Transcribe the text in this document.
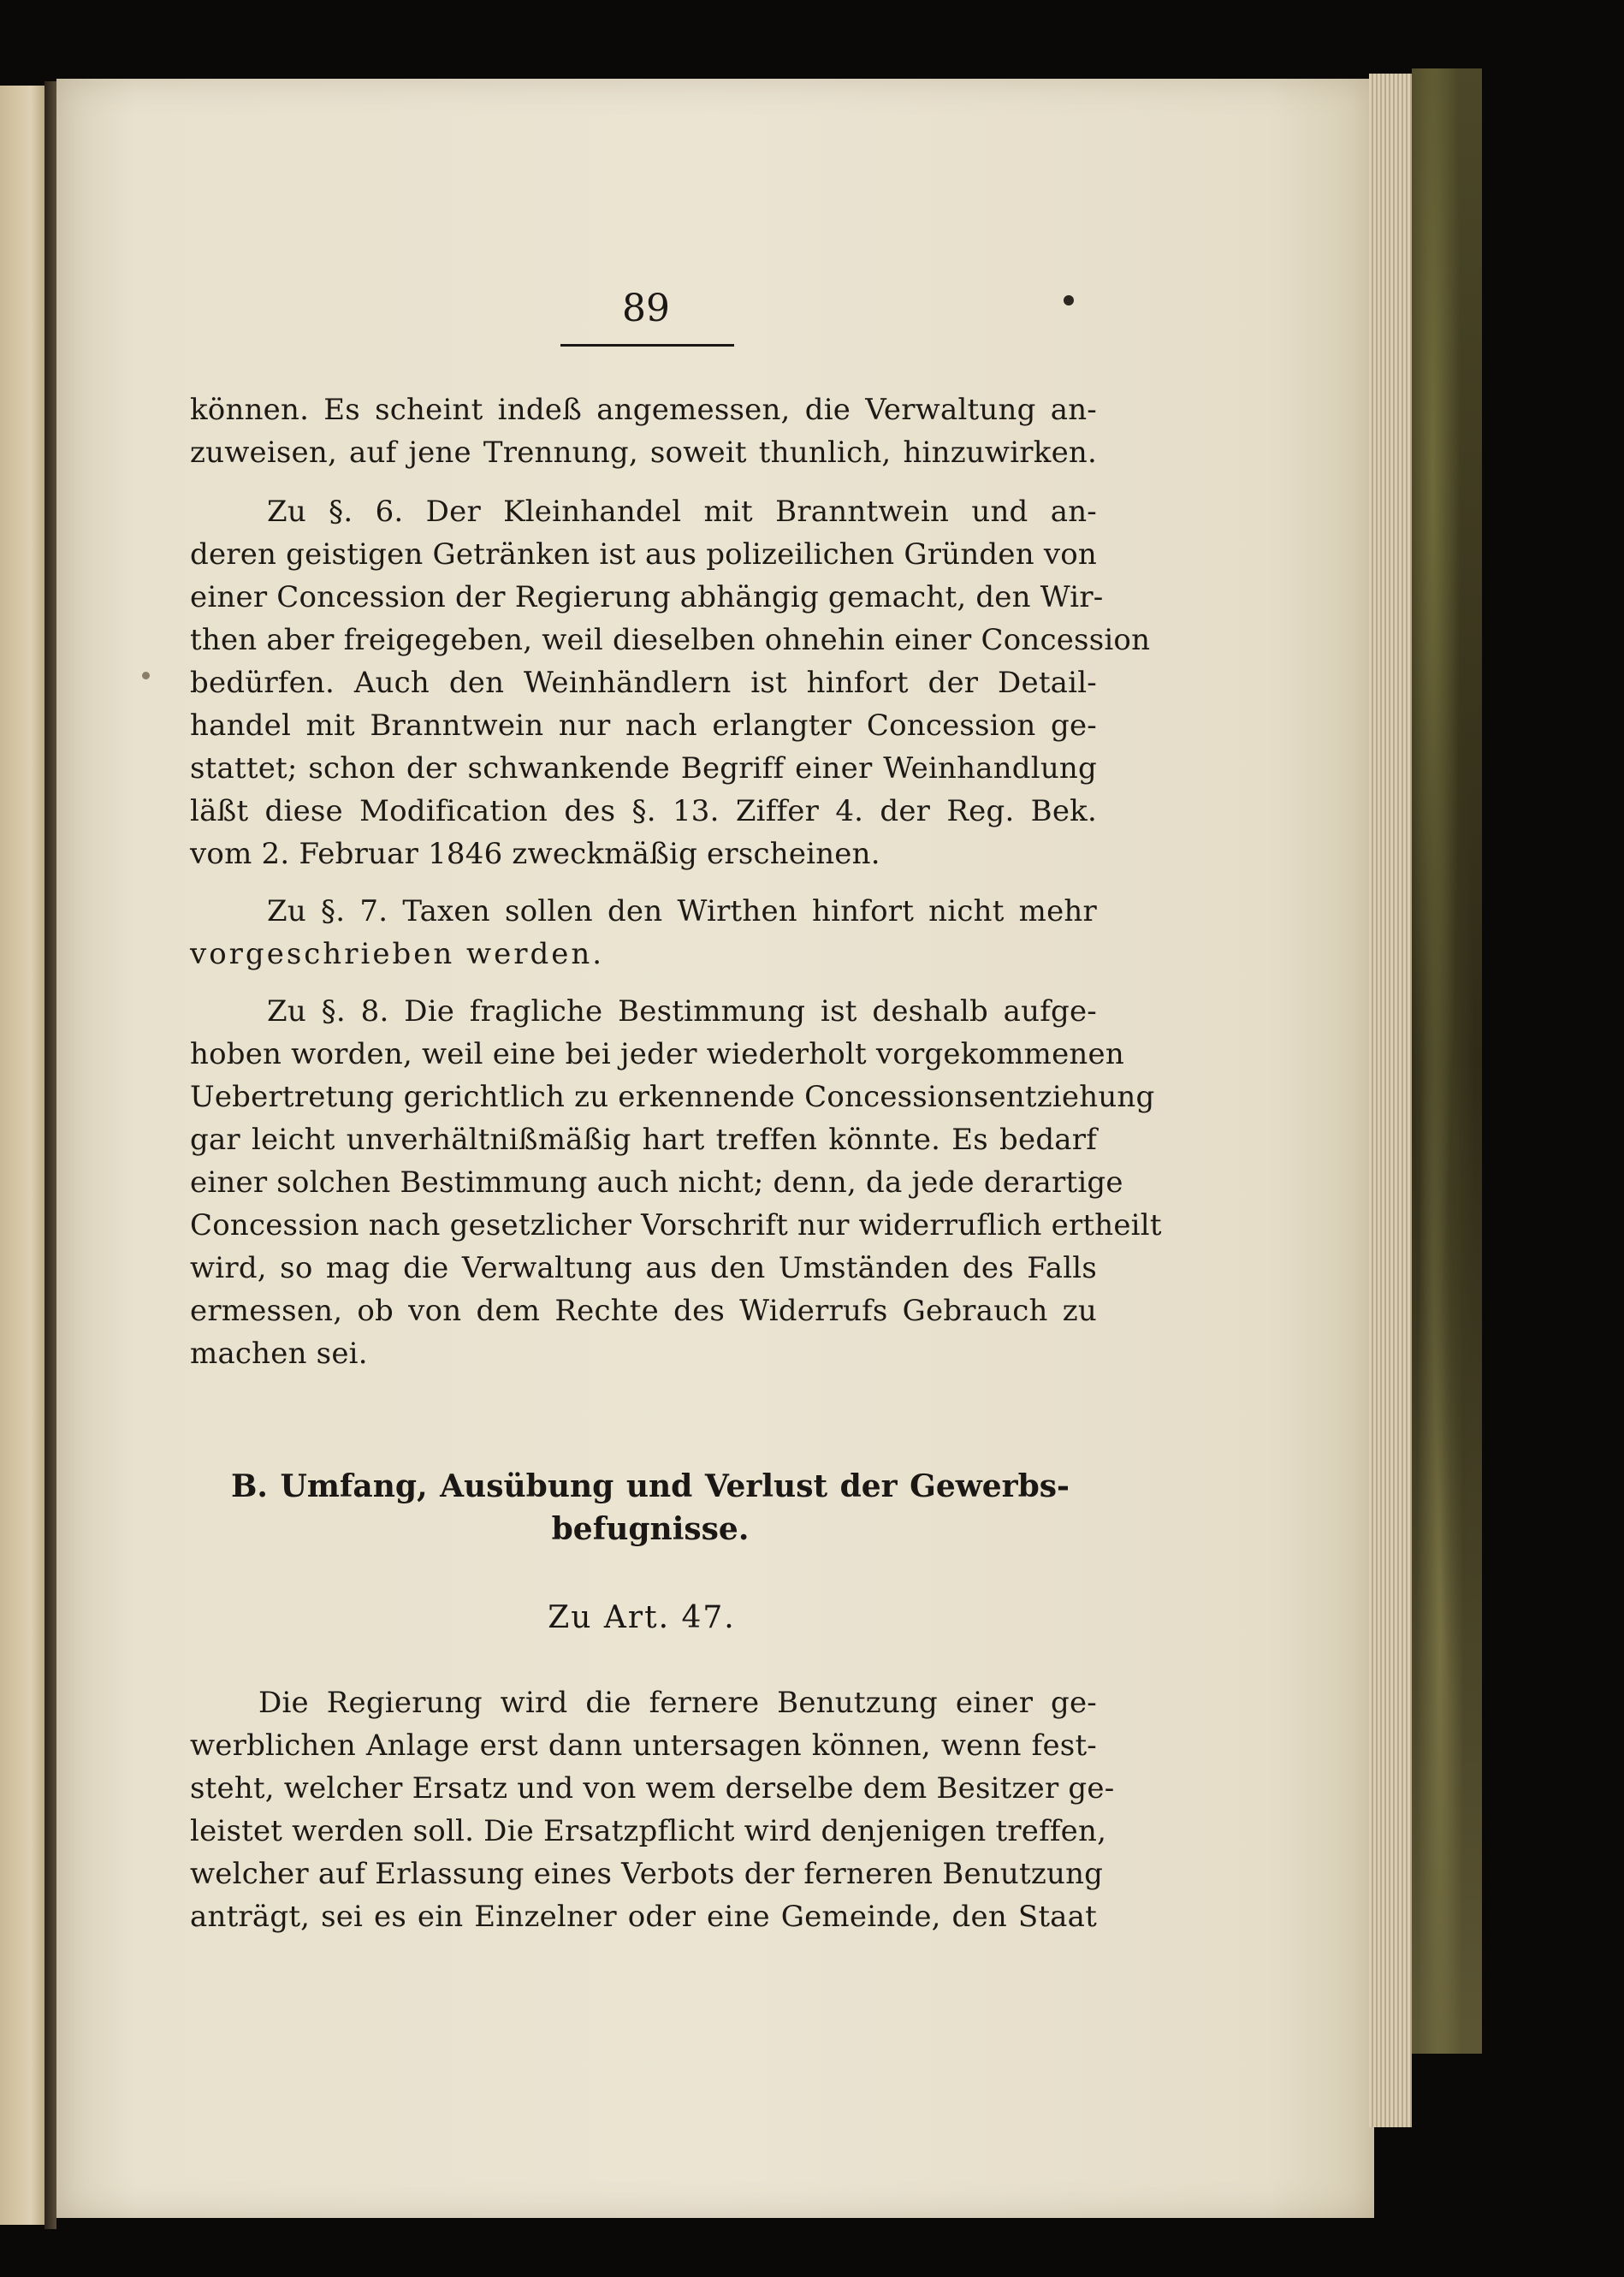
89
können. Es scheint indeß angemessen, die Verwaltung an-
zuweisen, auf jene Trennung, soweit thunlich, hinzuwirken.
Zu §. 6. Der Kleinhandel mit Branntwein und an-
deren geistigen Getränken ist aus polizeilichen Gründen von
einer Concession der Regierung abhängig gemacht, den Wir-
then aber freigegeben, weil dieselben ohnehin einer Concession
bedürfen. Auch den Weinhändlern ist hinfort der Detail-
handel mit Branntwein nur nach erlangter Concession ge-
stattet; schon der schwankende Begriff einer Weinhandlung
läßt diese Modification des §. 13. Ziffer 4. der Reg. Bek.
vom 2. Februar 1846 zweckmäßig erscheinen.
Zu §. 7. Taxen sollen den Wirthen hinfort nicht mehr
vorgeschrieben werden.
Zu §. 8. Die fragliche Bestimmung ist deshalb aufge-
hoben worden, weil eine bei jeder wiederholt vorgekommenen
Uebertretung gerichtlich zu erkennende Concessionsentziehung
gar leicht unverhältnißmäßig hart treffen könnte. Es bedarf
einer solchen Bestimmung auch nicht; denn, da jede derartige
Concession nach gesetzlicher Vorschrift nur widerruflich ertheilt
wird, so mag die Verwaltung aus den Umständen des Falls
ermessen, ob von dem Rechte des Widerrufs Gebrauch zu
machen sei.
B. Umfang, Ausübung und Verlust der Gewerbs-
befugnisse.
Zu Art. 47.
Die Regierung wird die fernere Benutzung einer ge-
werblichen Anlage erst dann untersagen können, wenn fest-
steht, welcher Ersatz und von wem derselbe dem Besitzer ge-
leistet werden soll. Die Ersatzpflicht wird denjenigen treffen,
welcher auf Erlassung eines Verbots der ferneren Benutzung
anträgt, sei es ein Einzelner oder eine Gemeinde, den Staat
